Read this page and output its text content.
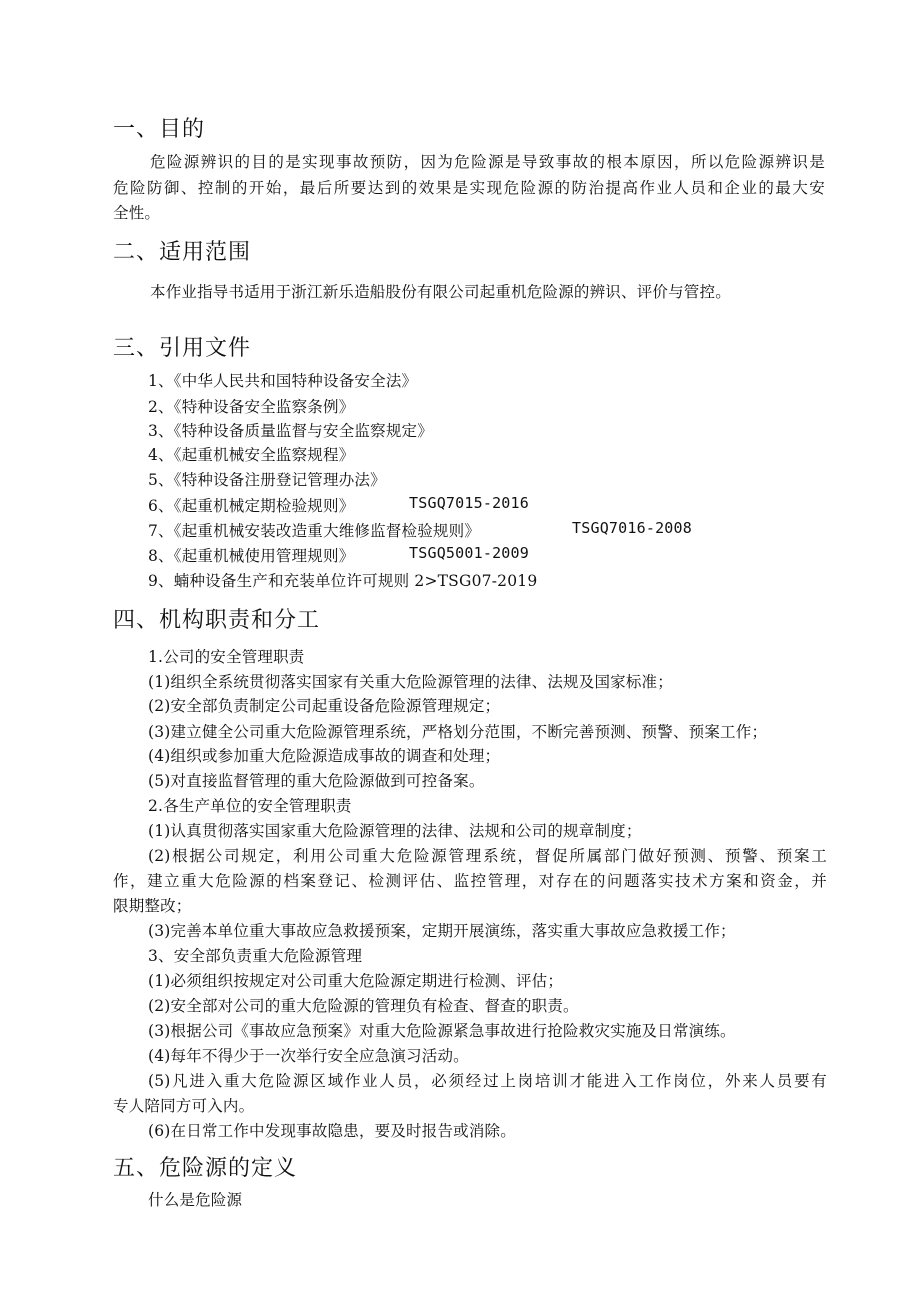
一、目的
危险源辨识的目的是实现事故预防，因为危险源是导致事故的根本原因，所以危险源辨识是
危险防御、控制的开始，最后所要达到的效果是实现危险源的防治提高作业人员和企业的最大安
全性。
二、适用范围
本作业指导书适用于浙江新乐造船股份有限公司起重机危险源的辨识、评价与管控。
三、引用文件
1、《中华人民共和国特种设备安全法》
2、《特种设备安全监察条例》
3、《特种设备质量监督与安全监察规定》
4、《起重机械安全监察规程》
5、《特种设备注册登记管理办法》
6、《起重机械定期检验规则》	TSGQ7015-2016
7、《起重机械安装改造重大维修监督检验规则》	TSGQ7016-2008
8、《起重机械使用管理规则》	TSGQ5001-2009
9、蝻种设备生产和充装单位许可规则 2>TSG07-2019
四、机构职责和分工
1.公司的安全管理职责
(1)组织全系统贯彻落实国家有关重大危险源管理的法律、法规及国家标准；
(2)安全部负责制定公司起重设备危险源管理规定；
(3)建立健全公司重大危险源管理系统，严格划分范围，不断完善预测、预警、预案工作；
(4)组织或参加重大危险源造成事故的调查和处理；
(5)对直接监督管理的重大危险源做到可控备案。
2.各生产单位的安全管理职责
(1)认真贯彻落实国家重大危险源管理的法律、法规和公司的规章制度；
(2)根据公司规定，利用公司重大危险源管理系统，督促所属部门做好预测、预警、预案工
作，建立重大危险源的档案登记、检测评估、监控管理，对存在的问题落实技术方案和资金，并
限期整改；
(3)完善本单位重大事故应急救援预案，定期开展演练，落实重大事故应急救援工作；
3、安全部负责重大危险源管理
(1)必须组织按规定对公司重大危险源定期进行检测、评估；
(2)安全部对公司的重大危险源的管理负有检查、督查的职责。
(3)根据公司《事故应急预案》对重大危险源紧急事故进行抢险救灾实施及日常演练。
(4)每年不得少于一次举行安全应急演习活动。
(5)凡进入重大危险源区域作业人员，必须经过上岗培训才能进入工作岗位，外来人员要有
专人陪同方可入内。
(6)在日常工作中发现事故隐患，要及时报告或消除。
五、危险源的定义
什么是危险源
